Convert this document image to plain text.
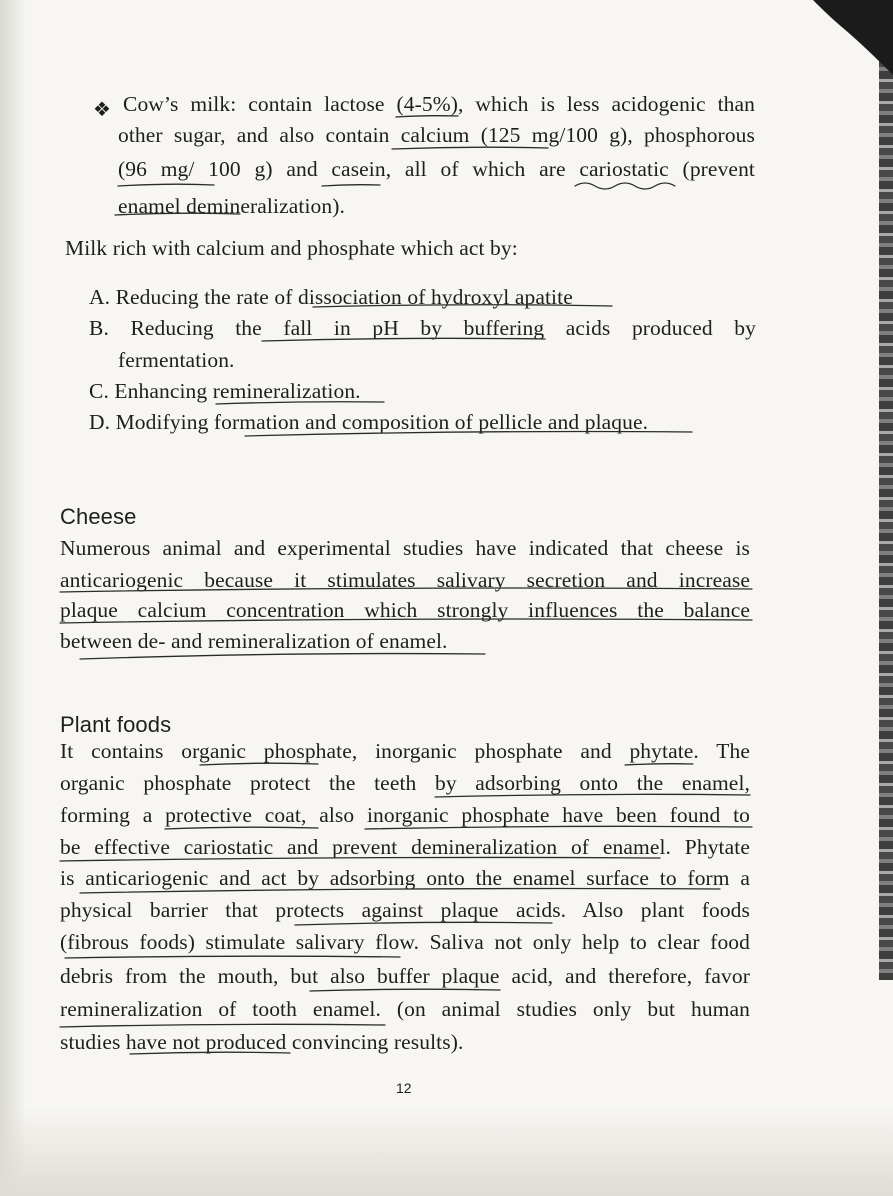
❖ Cow’s milk: contain lactose (4-5%), which is less acidogenic than
other sugar, and also contain calcium (125 mg/100 g), phosphorous
(96 mg/ 100 g) and casein, all of which are cariostatic (prevent
enamel demineralization).
Milk rich with calcium and phosphate which act by:
A. Reducing the rate of dissociation of hydroxyl apatite
B. Reducing the fall in pH by buffering acids produced by
fermentation.
C. Enhancing remineralization.
D. Modifying formation and composition of pellicle and plaque.
Cheese
Numerous animal and experimental studies have indicated that cheese is
anticariogenic because it stimulates salivary secretion and increase
plaque calcium concentration which strongly influences the balance
between de- and remineralization of enamel.
Plant foods
It contains organic phosphate, inorganic phosphate and phytate. The
organic phosphate protect the teeth by adsorbing onto the enamel,
forming a protective coat, also inorganic phosphate have been found to
be effective cariostatic and prevent demineralization of enamel. Phytate
is anticariogenic and act by adsorbing onto the enamel surface to form a
physical barrier that protects against plaque acids. Also plant foods
(fibrous foods) stimulate salivary flow. Saliva not only help to clear food
debris from the mouth, but also buffer plaque acid, and therefore, favor
remineralization of tooth enamel. (on animal studies only but human
studies have not produced convincing results).
12
